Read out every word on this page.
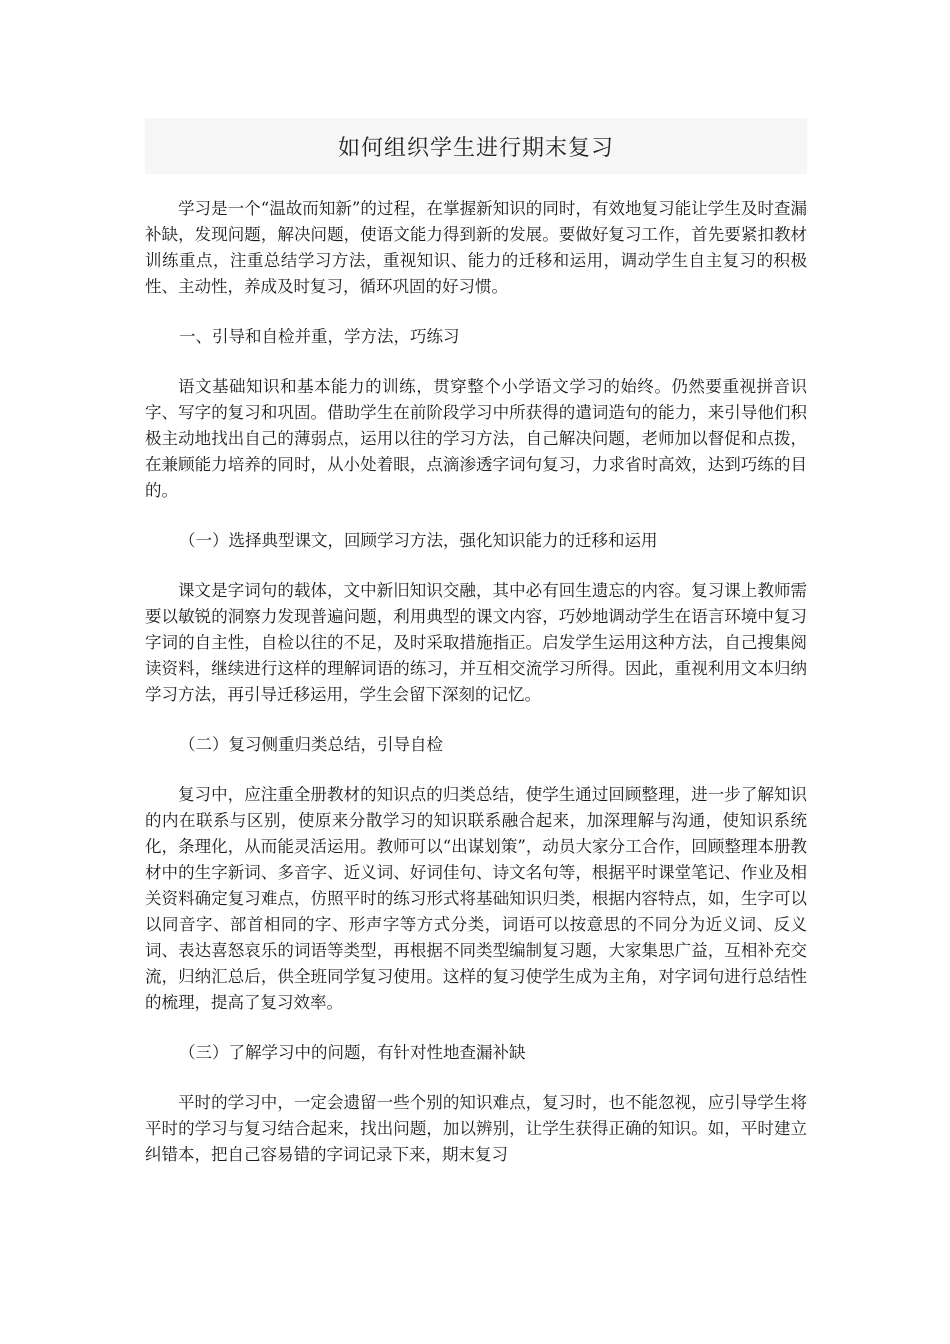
如何组织学生进行期末复习

学习是一个“温故而知新”的过程，在掌握新知识的同时，有效地复习能让学生及时查漏补缺，发现问题，解决问题，使语文能力得到新的发展。要做好复习工作，首先要紧扣教材训练重点，注重总结学习方法，重视知识、能力的迁移和运用，调动学生自主复习的积极性、主动性，养成及时复习，循环巩固的好习惯。

一、引导和自检并重，学方法，巧练习

语文基础知识和基本能力的训练，贯穿整个小学语文学习的始终。仍然要重视拼音识字、写字的复习和巩固。借助学生在前阶段学习中所获得的遣词造句的能力，来引导他们积极主动地找出自己的薄弱点，运用以往的学习方法，自己解决问题，老师加以督促和点拨，在兼顾能力培养的同时，从小处着眼，点滴渗透字词句复习，力求省时高效，达到巧练的目的。

（一）选择典型课文，回顾学习方法，强化知识能力的迁移和运用

课文是字词句的载体，文中新旧知识交融，其中必有回生遗忘的内容。复习课上教师需要以敏锐的洞察力发现普遍问题，利用典型的课文内容，巧妙地调动学生在语言环境中复习字词的自主性，自检以往的不足，及时采取措施指正。启发学生运用这种方法，自己搜集阅读资料，继续进行这样的理解词语的练习，并互相交流学习所得。因此，重视利用文本归纳学习方法，再引导迁移运用，学生会留下深刻的记忆。

（二）复习侧重归类总结，引导自检

复习中，应注重全册教材的知识点的归类总结，使学生通过回顾整理，进一步了解知识的内在联系与区别，使原来分散学习的知识联系融合起来，加深理解与沟通，使知识系统化，条理化，从而能灵活运用。教师可以“出谋划策”，动员大家分工合作，回顾整理本册教材中的生字新词、多音字、近义词、好词佳句、诗文名句等，根据平时课堂笔记、作业及相关资料确定复习难点，仿照平时的练习形式将基础知识归类，根据内容特点，如，生字可以以同音字、部首相同的字、形声字等方式分类，词语可以按意思的不同分为近义词、反义词、表达喜怒哀乐的词语等类型，再根据不同类型编制复习题，大家集思广益，互相补充交流，归纳汇总后，供全班同学复习使用。这样的复习使学生成为主角，对字词句进行总结性的梳理，提高了复习效率。

（三）了解学习中的问题，有针对性地查漏补缺

平时的学习中，一定会遗留一些个别的知识难点，复习时，也不能忽视，应引导学生将平时的学习与复习结合起来，找出问题，加以辨别，让学生获得正确的知识。如，平时建立纠错本，把自己容易错的字词记录下来，期末复习
